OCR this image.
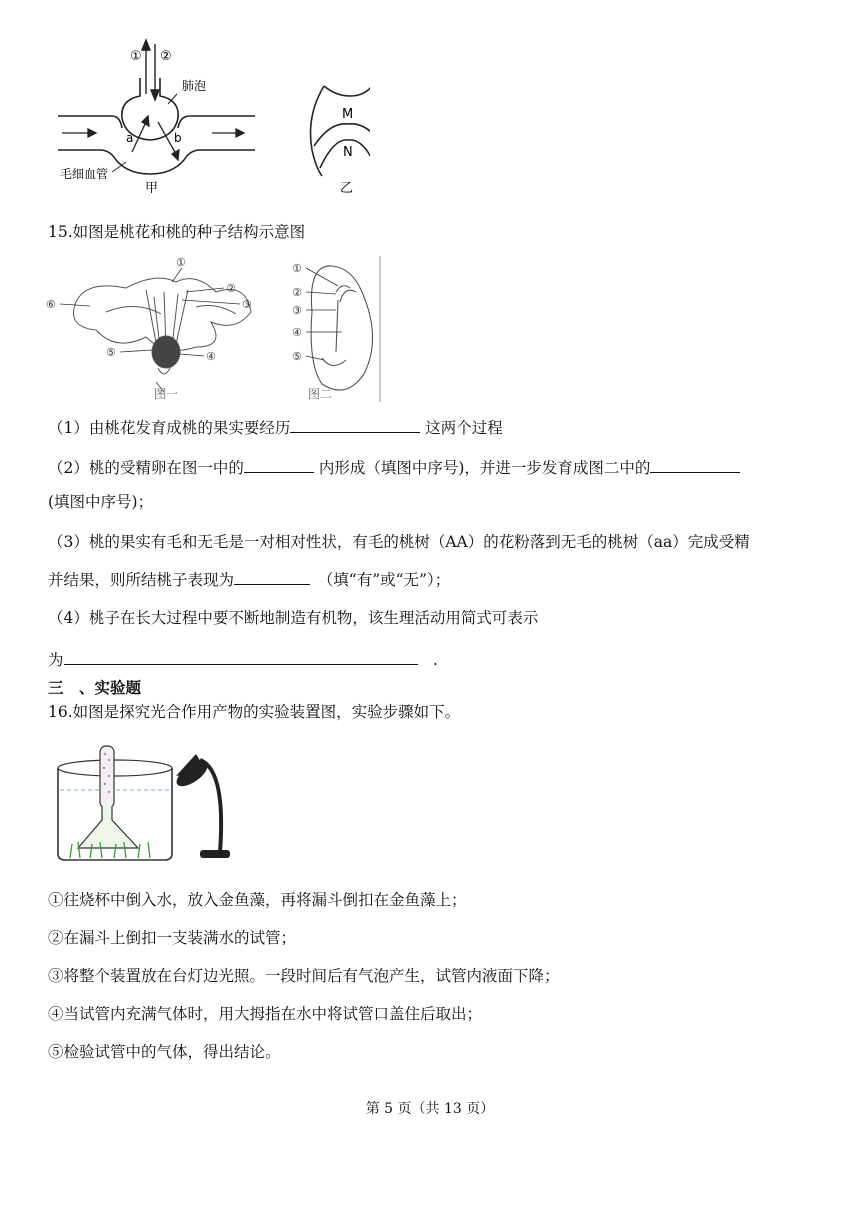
① ②
肺泡
a	b
毛细血管
甲
M
N
乙
15.如图是桃花和桃的种子结构示意图
①
②
③
④
⑤
⑥
图一
①
②
③
④
⑤
图二
（1）由桃花发育成桃的果实要经历	这两个过程
（2）桃的受精卵在图一中的	内形成（填图中序号)，并进一步发育成图二中的
(填图中序号)；
（3）桃的果实有毛和无毛是一对相对性状，有毛的桃树（AA）的花粉落到无毛的桃树（aa）完成受精
并结果，则所结桃子表现为　	（填“有”或“无”）；
（4）桃子在长大过程中要不断地制造有机物，该生理活动用简式可表示
为　	.
三　、实验题
16.如图是探究光合作用产物的实验装置图，实验步骤如下。
①往烧杯中倒入水，放入金鱼藻，再将漏斗倒扣在金鱼藻上；
②在漏斗上倒扣一支装满水的试管；
③将整个装置放在台灯边光照。一段时间后有气泡产生，试管内液面下降；
④当试管内充满气体时，用大拇指在水中将试管口盖住后取出；
⑤检验试管中的气体，得出结论。
第 5 页（共 13 页）
